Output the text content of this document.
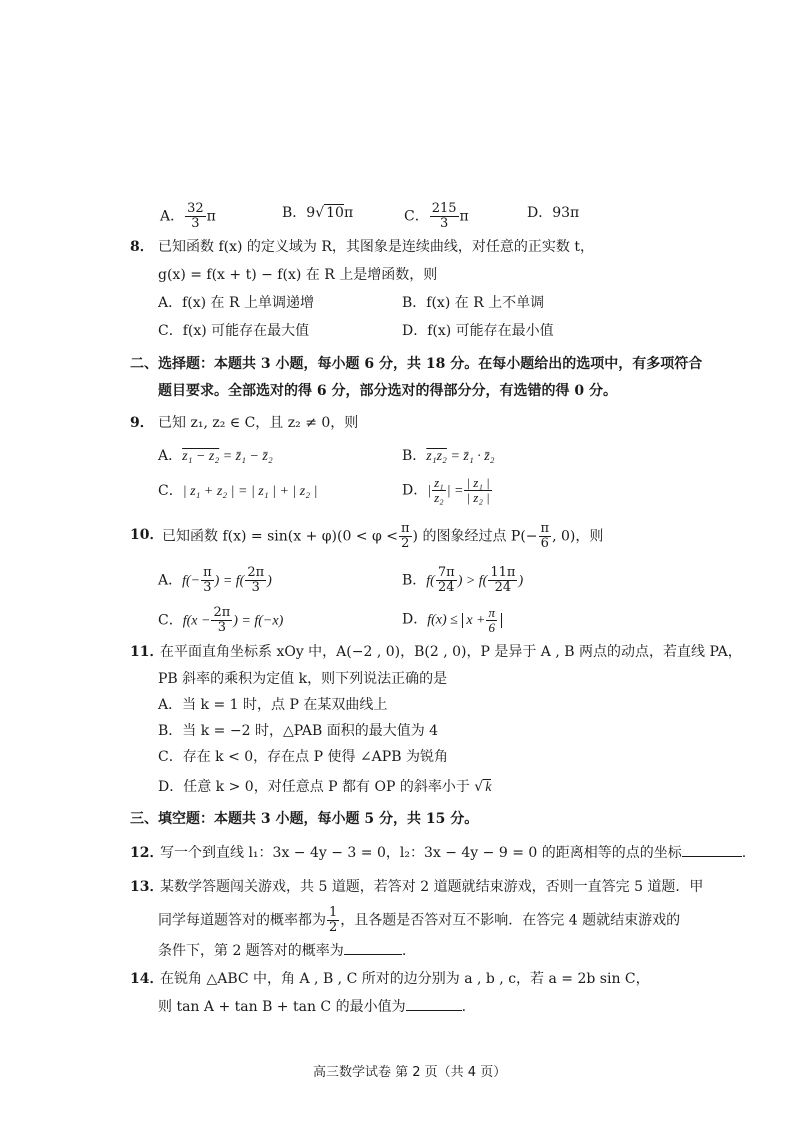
A． $\frac{32}{3}$ π	B．9√ 10π	C． $\frac{215}{3}$ π	D．93π
8． 已知函数 f(x) 的定义域为 R，其图象是连续曲线，对任意的正实数 t，
g(x) = f(x + t) − f(x) 在 R 上是增函数，则
A．f(x) 在 R 上单调递增	B．f(x) 在 R 上不单调
C．f(x) 可能存在最大值	D．f(x) 可能存在最小值
二、选择题：本题共 3 小题，每小题 6 分，共 18 分。在每小题给出的选项中，有多项符合
题目要求。全部选对的得 6 分，部分选对的得部分分，有选错的得 0 分。
9． 已知 z₁, z₂ ∈ C，且 z₂ ≠ 0，则
A．z₁ − z₂ = z̄₁ − z̄₂	B．z₁z₂ = z̄₁ · z̄₂
C．| z₁ + z₂ | = | z₁ | + | z₂ |	D．| $\frac{\text{z₁}}{\text{z₂}}$ | = $\frac{\text{| z₁ |}}{\text{| z₂ |}}$
10．
已知函数 $f(x) = \sin(x + \varphi)(0 < \varphi < \frac{\pi}{2}$ ) 的图象经过点 $P(- \frac{\pi}{6}$ , 0)，则
A．$f(- \frac{\pi}{3}$ ) = $f( \frac{2\pi}{3}$ )	B．$f( \frac{7\pi}{24}$ ) > $f( \frac{11\pi}{24}$ )
C．$f(x - \frac{2\pi}{3}$ ) = f(−x)	D．$f(x) \le x + \frac{\pi}{6}$
11．
在平面直角坐标系 xOy 中，A(−2 , 0)，B(2 , 0)，P 是异于 A , B 两点的动点，若直线 PA，
PB 斜率的乘积为定值 k，则下列说法正确的是
A．当 k = 1 时，点 P 在某双曲线上
B．当 k = −2 时，△PAB 面积的最大值为 4
C．存在 k < 0，存在点 P 使得 ∠APB 为锐角
D．任意 k > 0，对任意点 P 都有 OP 的斜率小于 √ k
三、填空题：本题共 3 小题，每小题 5 分，共 15 分。
12．
写一个到直线 l₁：3x − 4y − 3 = 0，l₂：3x − 4y − 9 = 0 的距离相等的点的坐标	.
13．
某数学答题闯关游戏，共 5 道题，若答对 2 道题就结束游戏，否则一直答完 5 道题．甲
同学每道题答对的概率都为 $\frac{1}{2}$ ，且各题是否答对互不影响．在答完 4 题就结束游戏的
条件下，第 2 题答对的概率为	.
14．
在锐角 △ABC 中，角 A , B , C 所对的边分别为 a , b , c，若 a = 2b sin C，
则 tan A + tan B + tan C 的最小值为	.
高三数学试卷 第 2 页（共 4 页）
